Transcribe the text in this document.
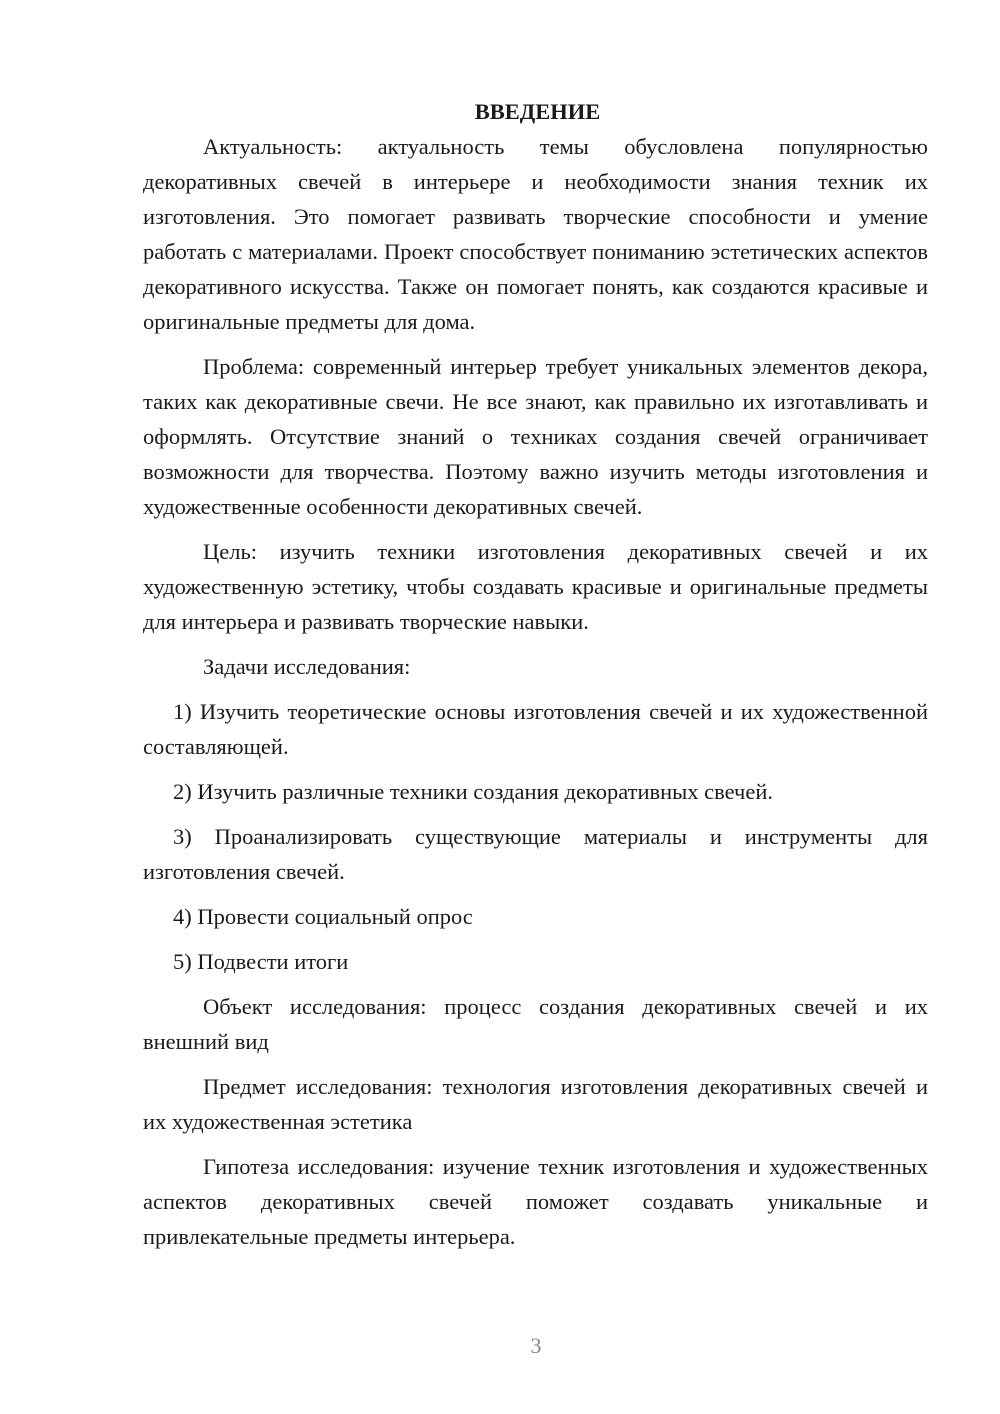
ВВЕДЕНИЕ

Актуальность: актуальность темы обусловлена популярностью декоративных свечей в интерьере и необходимости знания техник их изготовления. Это помогает развивать творческие способности и умение работать с материалами. Проект способствует пониманию эстетических аспектов декоративного искусства. Также он помогает понять, как создаются красивые и оригинальные предметы для дома.

Проблема: современный интерьер требует уникальных элементов декора, таких как декоративные свечи. Не все знают, как правильно их изготавливать и оформлять. Отсутствие знаний о техниках создания свечей ограничивает возможности для творчества. Поэтому важно изучить методы изготовления и художественные особенности декоративных свечей.

Цель: изучить техники изготовления декоративных свечей и их художественную эстетику, чтобы создавать красивые и оригинальные предметы для интерьера и развивать творческие навыки.

Задачи исследования:

1) Изучить теоретические основы изготовления свечей и их художественной составляющей.

2) Изучить различные техники создания декоративных свечей.

3) Проанализировать существующие материалы и инструменты для изготовления свечей.

4) Провести социальный опрос

5) Подвести итоги

Объект исследования: процесс создания декоративных свечей и их внешний вид

Предмет исследования: технология изготовления декоративных свечей и их художественная эстетика

Гипотеза исследования: изучение техник изготовления и художественных аспектов декоративных свечей поможет создавать уникальные и привлекательные предметы интерьера.

3
